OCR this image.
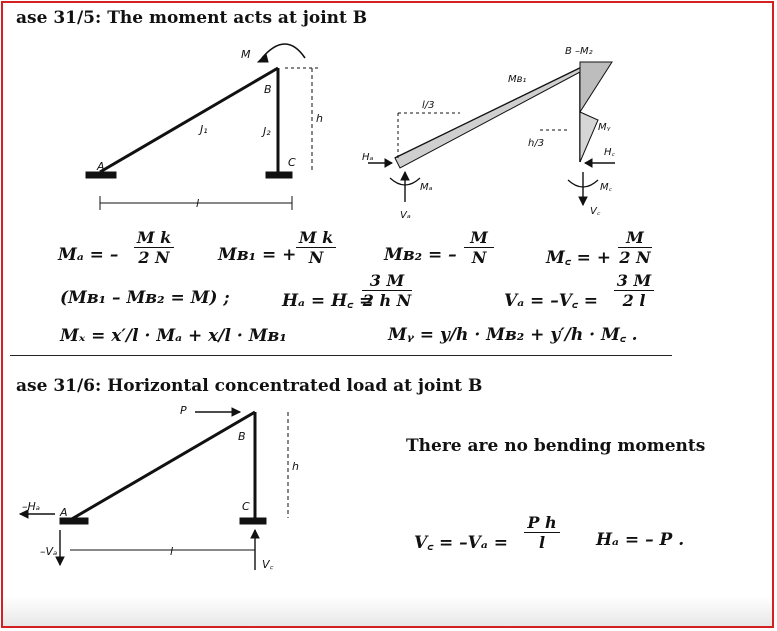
ase 31/5: The moment acts at joint B
A
B
C
M
J₁	J₂
h
l
B –M₂
Hₐ
Mₐ
Vₐ
Mʙ₁
Mᵧ
H꜀
M꜀
V꜀
l/3
h/3
P
B
A	C
–Hₐ
–Vₐ
V꜀
h
l
Mₐ = –
M k
2 N	Mʙ₁ = +
M k
N	Mʙ₂ = –
M
N	M꜀ = +
M
2 N
(Mʙ₁ – Mʙ₂ = M) ;	Hₐ = H꜀ =
3 M
2 h N	Vₐ = –V꜀ =
3 M
2 l
Mₓ = x′/l · Mₐ + x/l · Mʙ₁	Mᵧ = y/h · Mʙ₂ + y′/h · M꜀ .
ase 31/6: Horizontal concentrated load at joint B
There are no bending moments
V꜀ = –Vₐ =
P h
l	Hₐ = – P .
